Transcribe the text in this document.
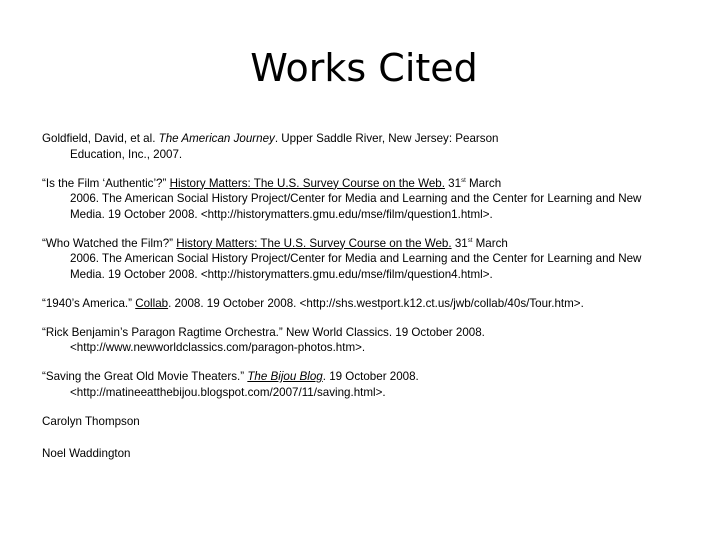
Works Cited
Goldfield, David, et al. The American Journey. Upper Saddle River, New Jersey: Pearson
Education, Inc., 2007.
“Is the Film ‘Authentic’?” History Matters: The U.S. Survey Course on the Web. 31st March
2006. The American Social History Project/Center for Media and Learning and the Center for Learning and New
Media. 19 October 2008. <http://historymatters.gmu.edu/mse/film/question1.html>.
“Who Watched the Film?” History Matters: The U.S. Survey Course on the Web. 31st March
2006. The American Social History Project/Center for Media and Learning and the Center for Learning and New
Media. 19 October 2008. <http://historymatters.gmu.edu/mse/film/question4.html>.
“1940’s America.” Collab. 2008. 19 October 2008. <http://shs.westport.k12.ct.us/jwb/collab/40s/Tour.htm>.
“Rick Benjamin’s Paragon Ragtime Orchestra.” New World Classics. 19 October 2008.
<http://www.newworldclassics.com/paragon-photos.htm>.
“Saving the Great Old Movie Theaters.” The Bijou Blog. 19 October 2008.
<http://matineeatthebijou.blogspot.com/2007/11/saving.html>.
Carolyn Thompson
Noel Waddington
